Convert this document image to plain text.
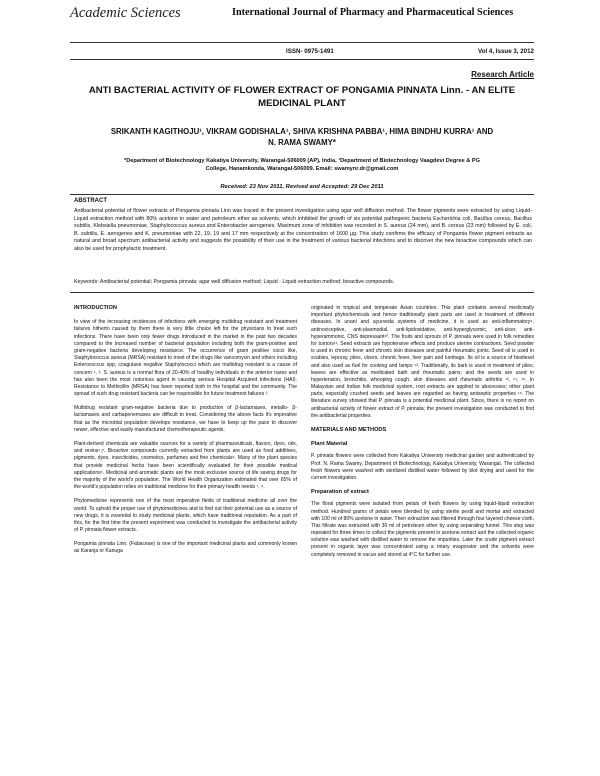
Academic Sciences	International Journal of Pharmacy and Pharmaceutical Sciences
ISSN- 0975-1491	Vol 4, Issue 3, 2012
Research Article
ANTI BACTERIAL ACTIVITY OF FLOWER EXTRACT OF PONGAMIA PINNATA Linn. - AN ELITE
MEDICINAL PLANT
SRIKANTH KAGITHOJU¹, VIKRAM GODISHALA¹, SHIVA KRISHNA PABBA¹, HIMA BINDHU KURRA¹ AND
N. RAMA SWAMY*
*Department of Biotechnology Kakatiya University, Warangal-506009 (AP), India, ¹Department of Biotechnology Vaagdevi Degree & PG
College, Hanamkonda, Warangal-506009. Email: swamynr.dr@gmail.com
Received: 23 Nov 2011, Revised and Accepted: 29 Dec 2011
ABSTRACT
Antibacterial potential of flower extracts of Pongamia pinnata Linn was traced in the present investigation using agar well diffusion method. The flower pigments were extracted by using Liquid-Liquid extraction method with 80% acetone in water and petroleum ether as solvents, which inhibited the growth of six potential pathogenic bacteria Escherichia coli, Bacillus cereus, Bacillus subtilis, Klebsiella pneumoniae, Staphylococcus aureus and Enterobacter aerogenes. Maximum zone of inhibition was recorded in S. aureus (24 mm), and B. cereus (23 mm) followed by E. coli, B. subtilis, E. aerogenes and K. pneumoniae with 22, 19, 19 and 17 mm respectively at the concentration of 1600 µg. This study confirms the efficacy of Pongamia flower pigment extracts as natural and broad spectrum antibacterial activity and suggests the possibility of their use in the treatment of various bacterial infections and to discover the new bioactive compounds which can also be used for prophylactic treatment.
Keywords: Antibacterial potential; Pongamia pinnata; agar well diffusion method; Liquid - Liquid extraction method; bioactive compounds.
INTRODUCTION

In view of the increasing incidences of infections with emerging multidrug resistant and treatment failures hitherto caused by them there is very little choice left for the physicians to treat such infections. There have been only fewer drugs introduced in the market in the past two decades compared to the increased number of bacterial population including both the gram-positive and gram-negative bacteria developing resistance. The occurrence of gram positive cocci like, Staphylococcus aureus (MRSA) resistant to most of the drugs like vancomycin and others including Enterococcus spp, coagulase negative Staphylococci which are multidrug resistant is a cause of concern ¹, ². S. aureus is a normal flora of 20-40% of healthy individuals in the anterior nares and has also been the most notorious agent in causing serious Hospital Acquired Infections (HAI). Resistance to Methicillin (MRSA) has been reported both in the hospital and the community. The spread of such drug resistant bacteria can be responsible for future treatment failures ³.

Multidrug resistant gram-negative bacteria due to production of β-lactamases, metallo- β-lactamases and carbapenemases are difficult to treat. Considering the above facts it's imperative that as the microbial population develops resistance, we have to keep up the pace to discover newer, effective and easily manufactured chemotherapeutic agents.

Plant-derived chemicals are valuable sources for a variety of pharmaceuticals, flavors, dyes, oils, and resins⁴,⁵. Bioactive compounds currently extracted from plants are used as food additives, pigments, dyes, insecticides, cosmetics, perfumes and fine chemicals⁶. Many of the plant species that provide medicinal herbs have been scientifically evaluated for their possible medical applications⁶. Medicinal and aromatic plants are the most exclusive source of life saving drugs for the majority of the world's population. The World Health Organization estimated that over 65% of the world's population relies on traditional medicine for their primary health needs ⁷, ⁸.

Phytomedicine represents one of the most imperative fields of traditional medicine all over the world. To uphold the proper use of phytomedicines and to find out their potential use as a source of new drugs, it is essential to study medicinal plants, which have traditional reputation. As a part of this, for the first time the present experiment was conducted to investigate the antibacterial activity of P. pinnata flower extracts.

Pongamia pinnata Linn. (Fabaceae) is one of the important medicinal plants and commonly known as Karanja or Kanuga

originated in tropical and temperate Asian countries. This plant contains several medicinally important phytochemicals and hence traditionally plant parts are used in treatment of different diseases. In unani and ayurveda systems of medicine, it is used as anti-inflammatory⁹, antinociceptive, anti-plasmodial, anti-lipidoxidative, anti-hyperglycemic, anti-ulcer, anti-hyperammonic, CNS depressant¹⁰. The fruits and sprouts of P. pinnata were used in folk remedies for tumors¹¹. Seed extracts are hypotensive effects and produce uterine contractions. Seed powder is used in chronic fever and chronic skin diseases and painful rheumatic joints. Seed oil is used in scabies, leprosy, piles, ulcers, chronic fever, liver pain and lumbago. Its oil is a source of biodiesel and also used as fuel for cooking and lamps ¹². Traditionally, its bark is used in treatment of piles; leaves are effective as medicated bath and rheumatic pains; and the seeds are used in hypertension, bronchitis, whooping cough, skin diseases and rheumatic arthritis ¹³, ¹⁴, ¹⁵. In Malaysian and Indian folk medicinal system, root extracts are applied to abscesses; other plant parts, especially crushed seeds and leaves are regarded as having antiseptic properties ¹⁶. The literature survey showed that P. pinnata is a potential medicinal plant. Since, there is no report on antibacterial activity of flower extract of P. pinnata; the present investigation was conducted to find the antibacterial properties.

MATERIALS AND METHODS
Plant Material

P. pinnata flowers were collected from Kakatiya University medicinal garden and authenticated by Prof. N. Rama Swamy, Department of Biotechnology, Kakatiya University, Warangal. The collected fresh flowers were washed with sterilized distilled water followed by blot drying and used for the current investigation.

Preparation of extract

The floral pigments were isolated from petals of fresh flowers by using liquid-liquid extraction method. Hundred grams of petals were blended by using sterile pestil and mortar and extracted with 100 ml of 80% acetone in water. Then extraction was filtered through four layered cheese cloth. This filtrate was extracted with 30 ml of petroleum ether by using separating funnel. This step was repeated for three times to collect the pigments present in acetone extract and the collected organic solution was washed with distilled water to remove the impurities. Later the crude pigment extract present in organic layer was concentrated using a rotary evaporator and the solvents were completely removed in vacuo and stored at 4°C for further use.
